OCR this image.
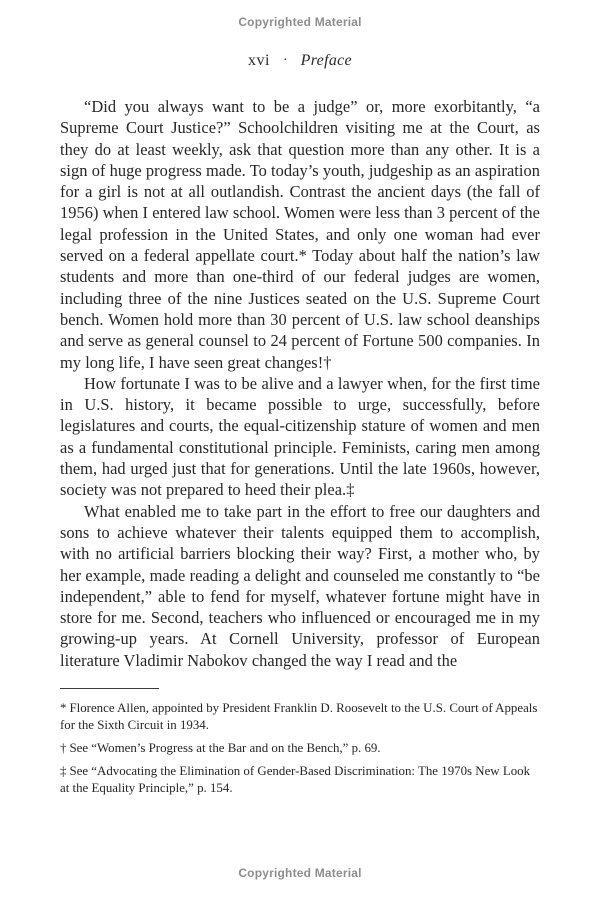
Copyrighted Material
xvi · Preface

“Did you always want to be a judge” or, more exorbitantly, “a Supreme Court Justice?” Schoolchildren visiting me at the Court, as they do at least weekly, ask that question more than any other. It is a sign of huge progress made. To today’s youth, judgeship as an aspiration for a girl is not at all outlandish. Contrast the ancient days (the fall of 1956) when I entered law school. Women were less than 3 percent of the legal profession in the United States, and only one woman had ever served on a federal appellate court.* Today about half the nation’s law students and more than one-third of our federal judges are women, including three of the nine Justices seated on the U.S. Supreme Court bench. Women hold more than 30 percent of U.S. law school deanships and serve as general counsel to 24 percent of Fortune 500 companies. In my long life, I have seen great changes!†

How fortunate I was to be alive and a lawyer when, for the first time in U.S. history, it became possible to urge, successfully, before legislatures and courts, the equal-citizenship stature of women and men as a fundamental constitutional principle. Feminists, caring men among them, had urged just that for generations. Until the late 1960s, however, society was not prepared to heed their plea.‡

What enabled me to take part in the effort to free our daughters and sons to achieve whatever their talents equipped them to accomplish, with no artificial barriers blocking their way? First, a mother who, by her example, made reading a delight and counseled me constantly to “be independent,” able to fend for myself, whatever fortune might have in store for me. Second, teachers who influenced or encouraged me in my growing-up years. At Cornell University, professor of European literature Vladimir Nabokov changed the way I read and the

* Florence Allen, appointed by President Franklin D. Roosevelt to the U.S. Court of Appeals for the Sixth Circuit in 1934.

† See “Women’s Progress at the Bar and on the Bench,” p. 69.

‡ See “Advocating the Elimination of Gender-Based Discrimination: The 1970s New Look at the Equality Principle,” p. 154.

Copyrighted Material
